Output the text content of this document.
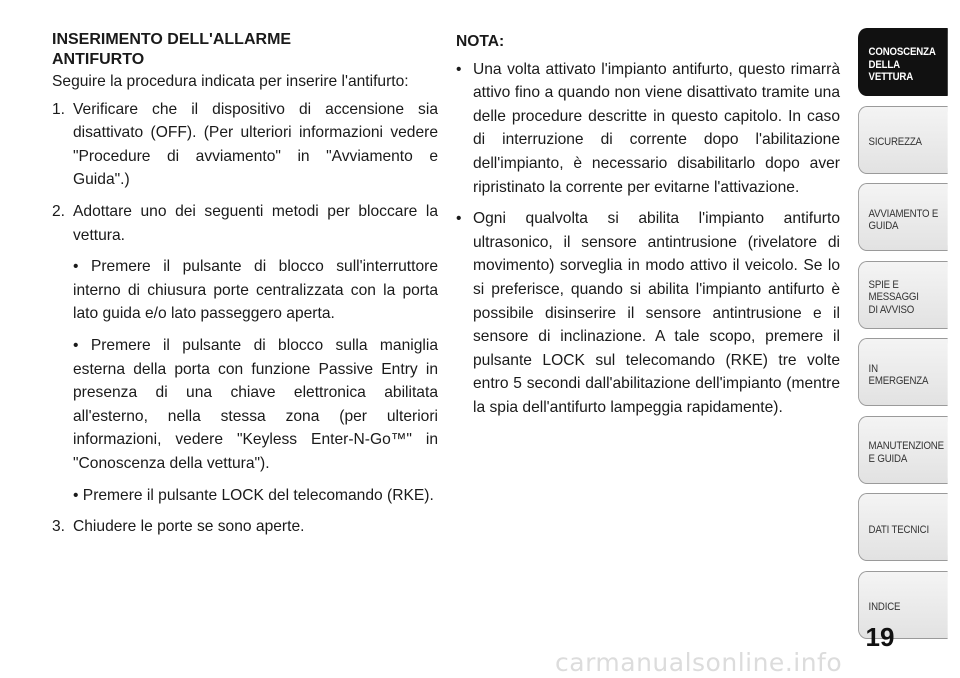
INSERIMENTO DELL'ALLARME
ANTIFURTO

Seguire la procedura indicata per inserire l'antifurto:

1. Verificare che il dispositivo di accensione sia disattivato (OFF). (Per ulteriori informazioni vedere "Procedure di avviamento" in "Avviamento e Guida".)
2. Adottare uno dei seguenti metodi per bloccare la vettura.
• Premere il pulsante di blocco sull'interruttore interno di chiusura porte centralizzata con la porta lato guida e/o lato passeggero aperta.
• Premere il pulsante di blocco sulla maniglia esterna della porta con funzione Passive Entry in presenza di una chiave elettronica abilitata all'esterno, nella stessa zona (per ulteriori informazioni, vedere "Keyless Enter-N-Go™" in "Conoscenza della vettura").
• Premere il pulsante LOCK del telecomando (RKE).
3. Chiudere le porte se sono aperte.

NOTA:

• Una volta attivato l'impianto antifurto, questo rimarrà attivo fino a quando non viene disattivato tramite una delle procedure descritte in questo capitolo. In caso di interruzione di corrente dopo l'abilitazione dell'impianto, è necessario disabilitarlo dopo aver ripristinato la corrente per evitarne l'attivazione.
• Ogni qualvolta si abilita l'impianto antifurto ultrasonico, il sensore antintrusione (rivelatore di movimento) sorveglia in modo attivo il veicolo. Se lo si preferisce, quando si abilita l'impianto antifurto è possibile disinserire il sensore antintrusione e il sensore di inclinazione. A tale scopo, premere il pulsante LOCK sul telecomando (RKE) tre volte entro 5 secondi dall'abilitazione dell'impianto (mentre la spia dell'antifurto lampeggia rapidamente).
CONOSCENZA
DELLA VETTURA
SICUREZZA
AVVIAMENTO E
GUIDA
SPIE E
MESSAGGI
DI AVVISO
IN
EMERGENZA
MANUTENZIONE
E GUIDA
DATI TECNICI
INDICE
19
carmanualsonline.info
